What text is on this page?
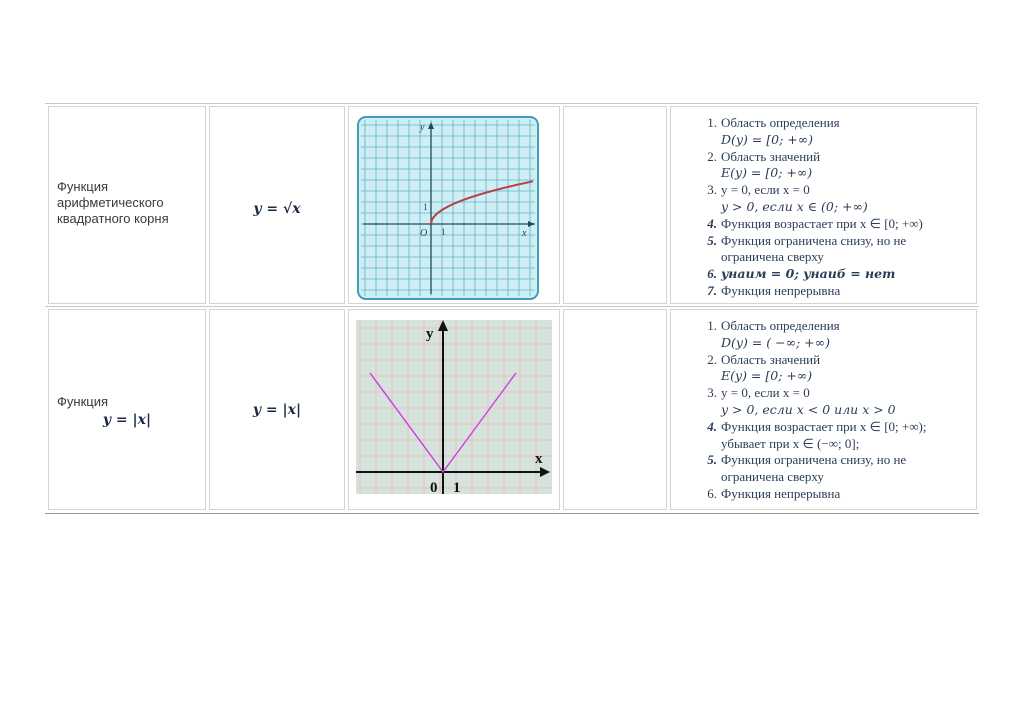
Функция арифметического квадратного корня
𝒚 = √𝒙
y
x
O 1
1
1. Область определения
D(y) = [0; +∞)
2. Область значений
E(y) = [0; +∞)
3. y = 0, если x = 0
y > 0, если x ∈ (0; +∞)
4. Функция возрастает при x ∈ [0; +∞)
5. Функция ограничена снизу, но не
ограничена сверху
6. yнаим = 0; yнаиб = нет
7. Функция непрерывна
Функция
𝒚 = |𝒙|
𝒚 = |𝒙|
y
x
0 1
1. Область определения
D(y) = ( −∞; +∞)
2. Область значений
E(y) = [0; +∞)
3. y = 0, если x = 0
y > 0, если x < 0 или x > 0
4. Функция возрастает при x ∈ [0; +∞);
убывает при x ∈ (−∞; 0];
5. Функция ограничена снизу, но не
ограничена сверху
6. Функция непрерывна
